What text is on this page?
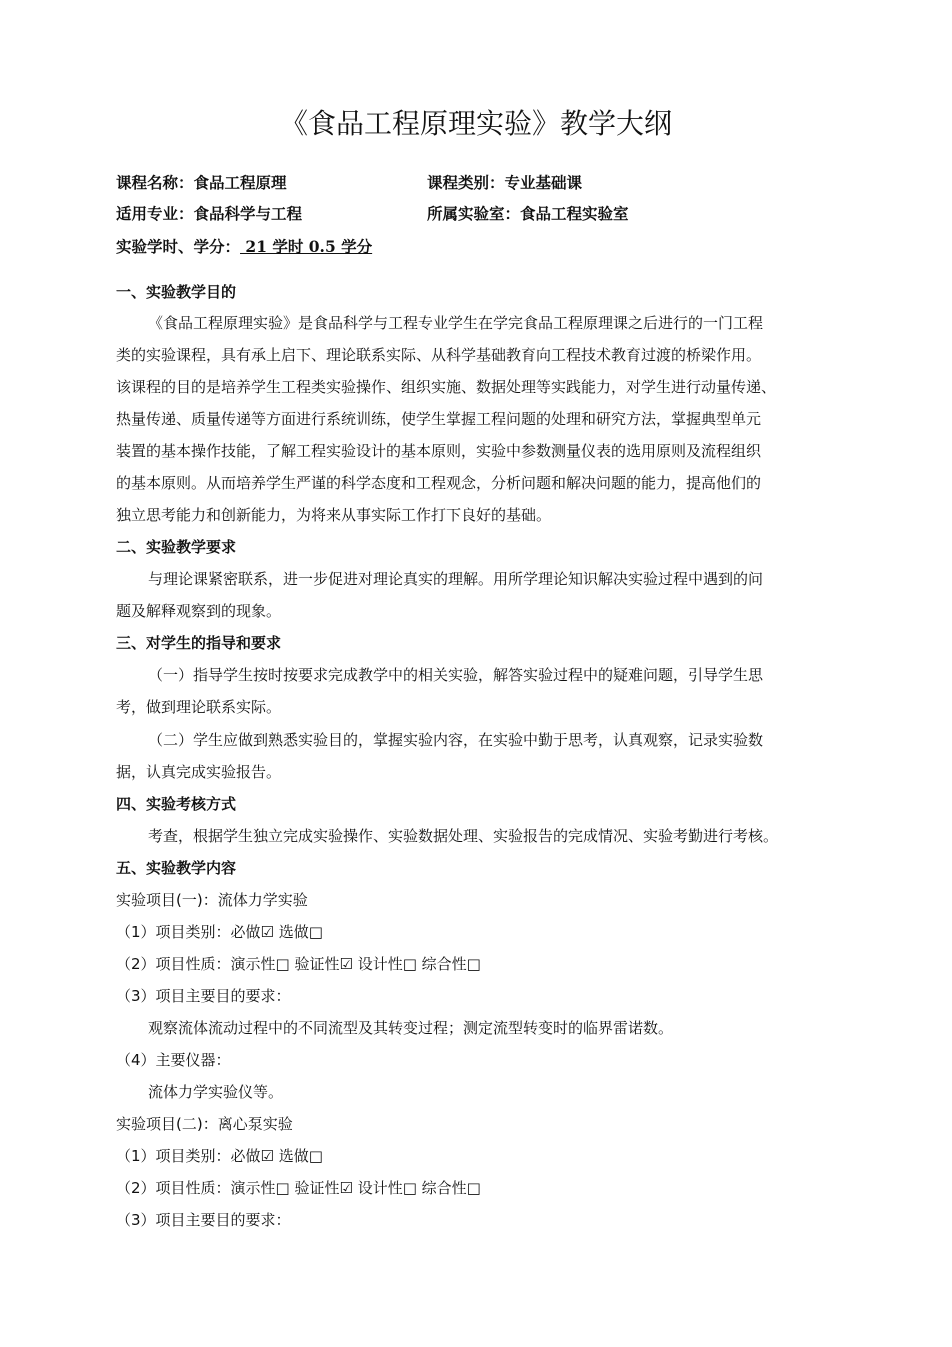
《食品工程原理实验》教学大纲
课程名称：食品工程原理	课程类别：专业基础课
适用专业：食品科学与工程	所属实验室：食品工程实验室
实验学时、学分： 21 学时 0.5 学分
一、实验教学目的
《食品工程原理实验》是食品科学与工程专业学生在学完食品工程原理课之后进行的一门工程
类的实验课程，具有承上启下、理论联系实际、从科学基础教育向工程技术教育过渡的桥梁作用。
该课程的目的是培养学生工程类实验操作、组织实施、数据处理等实践能力，对学生进行动量传递、
热量传递、质量传递等方面进行系统训练，使学生掌握工程问题的处理和研究方法，掌握典型单元
装置的基本操作技能，了解工程实验设计的基本原则，实验中参数测量仪表的选用原则及流程组织
的基本原则。从而培养学生严谨的科学态度和工程观念，分析问题和解决问题的能力，提高他们的
独立思考能力和创新能力，为将来从事实际工作打下良好的基础。
二、实验教学要求
与理论课紧密联系，进一步促进对理论真实的理解。用所学理论知识解决实验过程中遇到的问
题及解释观察到的现象。
三、对学生的指导和要求
（一）指导学生按时按要求完成教学中的相关实验，解答实验过程中的疑难问题，引导学生思
考，做到理论联系实际。
（二）学生应做到熟悉实验目的，掌握实验内容，在实验中勤于思考，认真观察，记录实验数
据，认真完成实验报告。
四、实验考核方式
考查，根据学生独立完成实验操作、实验数据处理、实验报告的完成情况、实验考勤进行考核。
五、实验教学内容
实验项目(一)：流体力学实验
（1）项目类别：必做☑ 选做□
（2）项目性质：演示性□ 验证性☑ 设计性□ 综合性□
（3）项目主要目的要求：
观察流体流动过程中的不同流型及其转变过程；测定流型转变时的临界雷诺数。
（4）主要仪器：
流体力学实验仪等。
实验项目(二)：离心泵实验
（1）项目类别：必做☑ 选做□
（2）项目性质：演示性□ 验证性☑ 设计性□ 综合性□
（3）项目主要目的要求：
